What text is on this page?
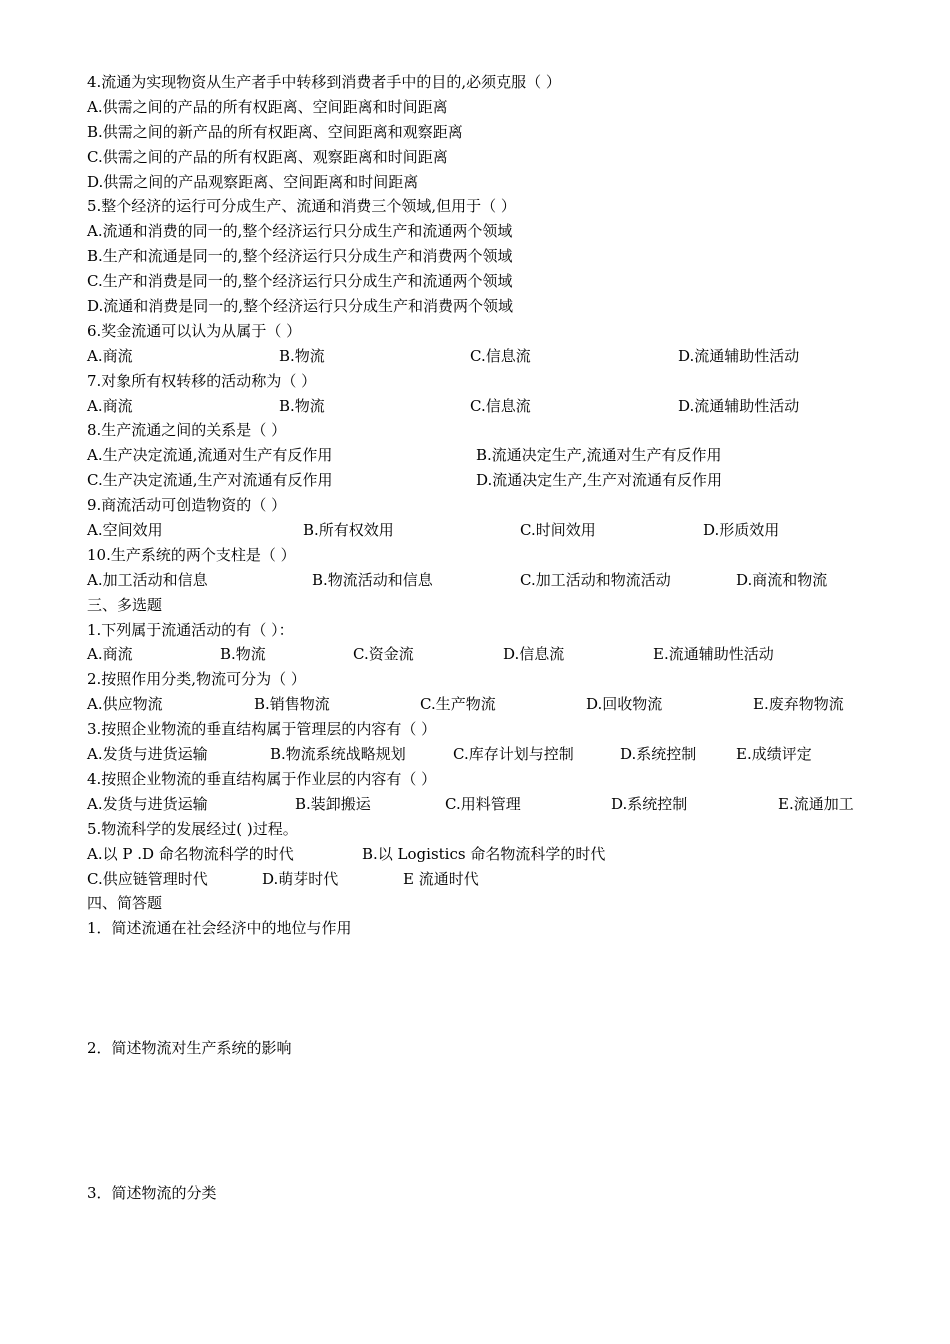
4.流通为实现物资从生产者手中转移到消费者手中的目的,必须克服（ ）
A.供需之间的产品的所有权距离、空间距离和时间距离
B.供需之间的新产品的所有权距离、空间距离和观察距离
C.供需之间的产品的所有权距离、观察距离和时间距离
D.供需之间的产品观察距离、空间距离和时间距离
5.整个经济的运行可分成生产、流通和消费三个领域,但用于（ ）
A.流通和消费的同一的,整个经济运行只分成生产和流通两个领域
B.生产和流通是同一的,整个经济运行只分成生产和消费两个领域
C.生产和消费是同一的,整个经济运行只分成生产和流通两个领域
D.流通和消费是同一的,整个经济运行只分成生产和消费两个领域
6.奖金流通可以认为从属于（ ）
A.商流	B.物流	C.信息流	D.流通辅助性活动
7.对象所有权转移的活动称为（ ）
A.商流	B.物流	C.信息流	D.流通辅助性活动
8.生产流通之间的关系是（ ）
A.生产决定流通,流通对生产有反作用	B.流通决定生产,流通对生产有反作用
C.生产决定流通,生产对流通有反作用	D.流通决定生产,生产对流通有反作用
9.商流活动可创造物资的（ ）
A.空间效用	B.所有权效用	C.时间效用	D.形质效用
10.生产系统的两个支柱是（ ）
A.加工活动和信息	B.物流活动和信息	C.加工活动和物流活动	D.商流和物流
三、多选题
1.下列属于流通活动的有（ ）：
A.商流	B.物流	C.资金流	D.信息流	E.流通辅助性活动
2.按照作用分类,物流可分为（ ）
A.供应物流	B.销售物流	C.生产物流	D.回收物流	E.废弃物物流
3.按照企业物流的垂直结构属于管理层的内容有（ ）
A.发货与进货运输	B.物流系统战略规划	C.库存计划与控制	D.系统控制	E.成绩评定
4.按照企业物流的垂直结构属于作业层的内容有（ ）
A.发货与进货运输	B.装卸搬运	C.用料管理	D.系统控制	E.流通加工
5.物流科学的发展经过( )过程。
A.以 P .D 命名物流科学的时代	B.以 Logistics 命名物流科学的时代
C.供应链管理时代	D.萌芽时代	E 流通时代
四、简答题
1．简述流通在社会经济中的地位与作用
2．简述物流对生产系统的影响
3．简述物流的分类
